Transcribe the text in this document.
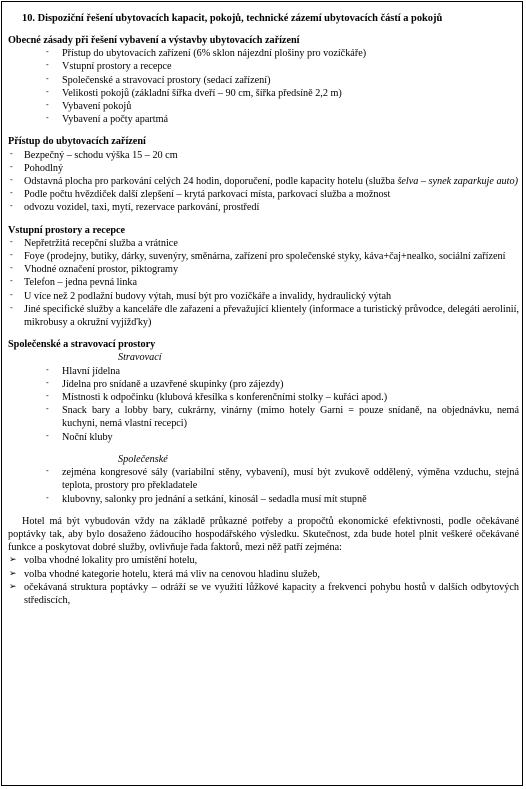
10. Dispoziční řešení ubytovacích kapacit, pokojů, technické zázemí ubytovacích částí a pokojů
Obecné zásady při řešení vybavení a výstavby ubytovacích zařízení
- Přístup do ubytovacích zařízení (6% sklon nájezdní plošiny pro vozíčkáře)
- Vstupní prostory a recepce
- Společenské a stravovací prostory (sedací zařízení)
- Velikosti pokojů (základní šířka dveří – 90 cm, šířka předsíně 2,2 m)
- Vybavení pokojů
- Vybavení a počty apartmá
Přístup do ubytovacích zařízení
- Bezpečný – schodu výška 15 – 20 cm
- Pohodlný
- Odstavná plocha pro parkování celých 24 hodin, doporučení, podle kapacity hotelu (služba šelva – synek zaparkuje auto)
- Podle počtu hvězdiček další zlepšení – krytá parkovací místa, parkovací služba a možnost
- odvozu vozidel, taxi, mytí, rezervace parkování, prostředí
Vstupní prostory a recepce
- Nepřetržitá recepční služba a vrátnice
- Foye (prodejny, butiky, dárky, suvenýry, směnárna, zařízení pro společenské styky, káva+čaj+nealko, sociální zařízení
- Vhodné označení prostor, piktogramy
- Telefon – jedna pevná linka
- U více než 2 podlažní budovy výtah, musí být pro vozíčkáře a invalidy, hydraulický výtah
- Jiné specifické služby a kanceláře dle zařazení a převažující klientely (informace a turistický průvodce, delegáti aerolinií, mikrobusy a okružní vyjížďky)
Společenské a stravovací prostory
Stravovací
- Hlavní jídelna
- Jídelna pro snídaně a uzavřené skupinky (pro zájezdy)
- Místnosti k odpočinku (klubová křesílka s konferenčními stolky – kuřáci apod.)
- Snack bary a lobby bary, cukrárny, vinárny (mimo hotely Garni = pouze snídaně, na objednávku, nemá kuchyni, nemá vlastní recepci)
- Noční kluby
Společenské
- zejména kongresové sály (variabilní stěny, vybavení), musí být zvukově oddělený, výměna vzduchu, stejná teplota, prostory pro překladatele
- klubovny, salonky pro jednání a setkání, kinosál – sedadla musí mít stupně

Hotel má být vybudován vždy na základě průkazné potřeby a propočtů ekonomické efektivnosti, podle očekávané poptávky tak, aby bylo dosaženo žádoucího hospodářského výsledku. Skutečnost, zda bude hotel plnit veškeré očekávané funkce a poskytovat dobré služby, ovlivňuje řada faktorů, mezi něž patří zejména:

➢ volba vhodné lokality pro umístění hotelu,
➢ volba vhodné kategorie hotelu, která má vliv na cenovou hladinu služeb,
➢ očekávaná struktura poptávky – odráží se ve využití lůžkové kapacity a frekvenci pohybu hostů v dalších odbytových střediscích,
